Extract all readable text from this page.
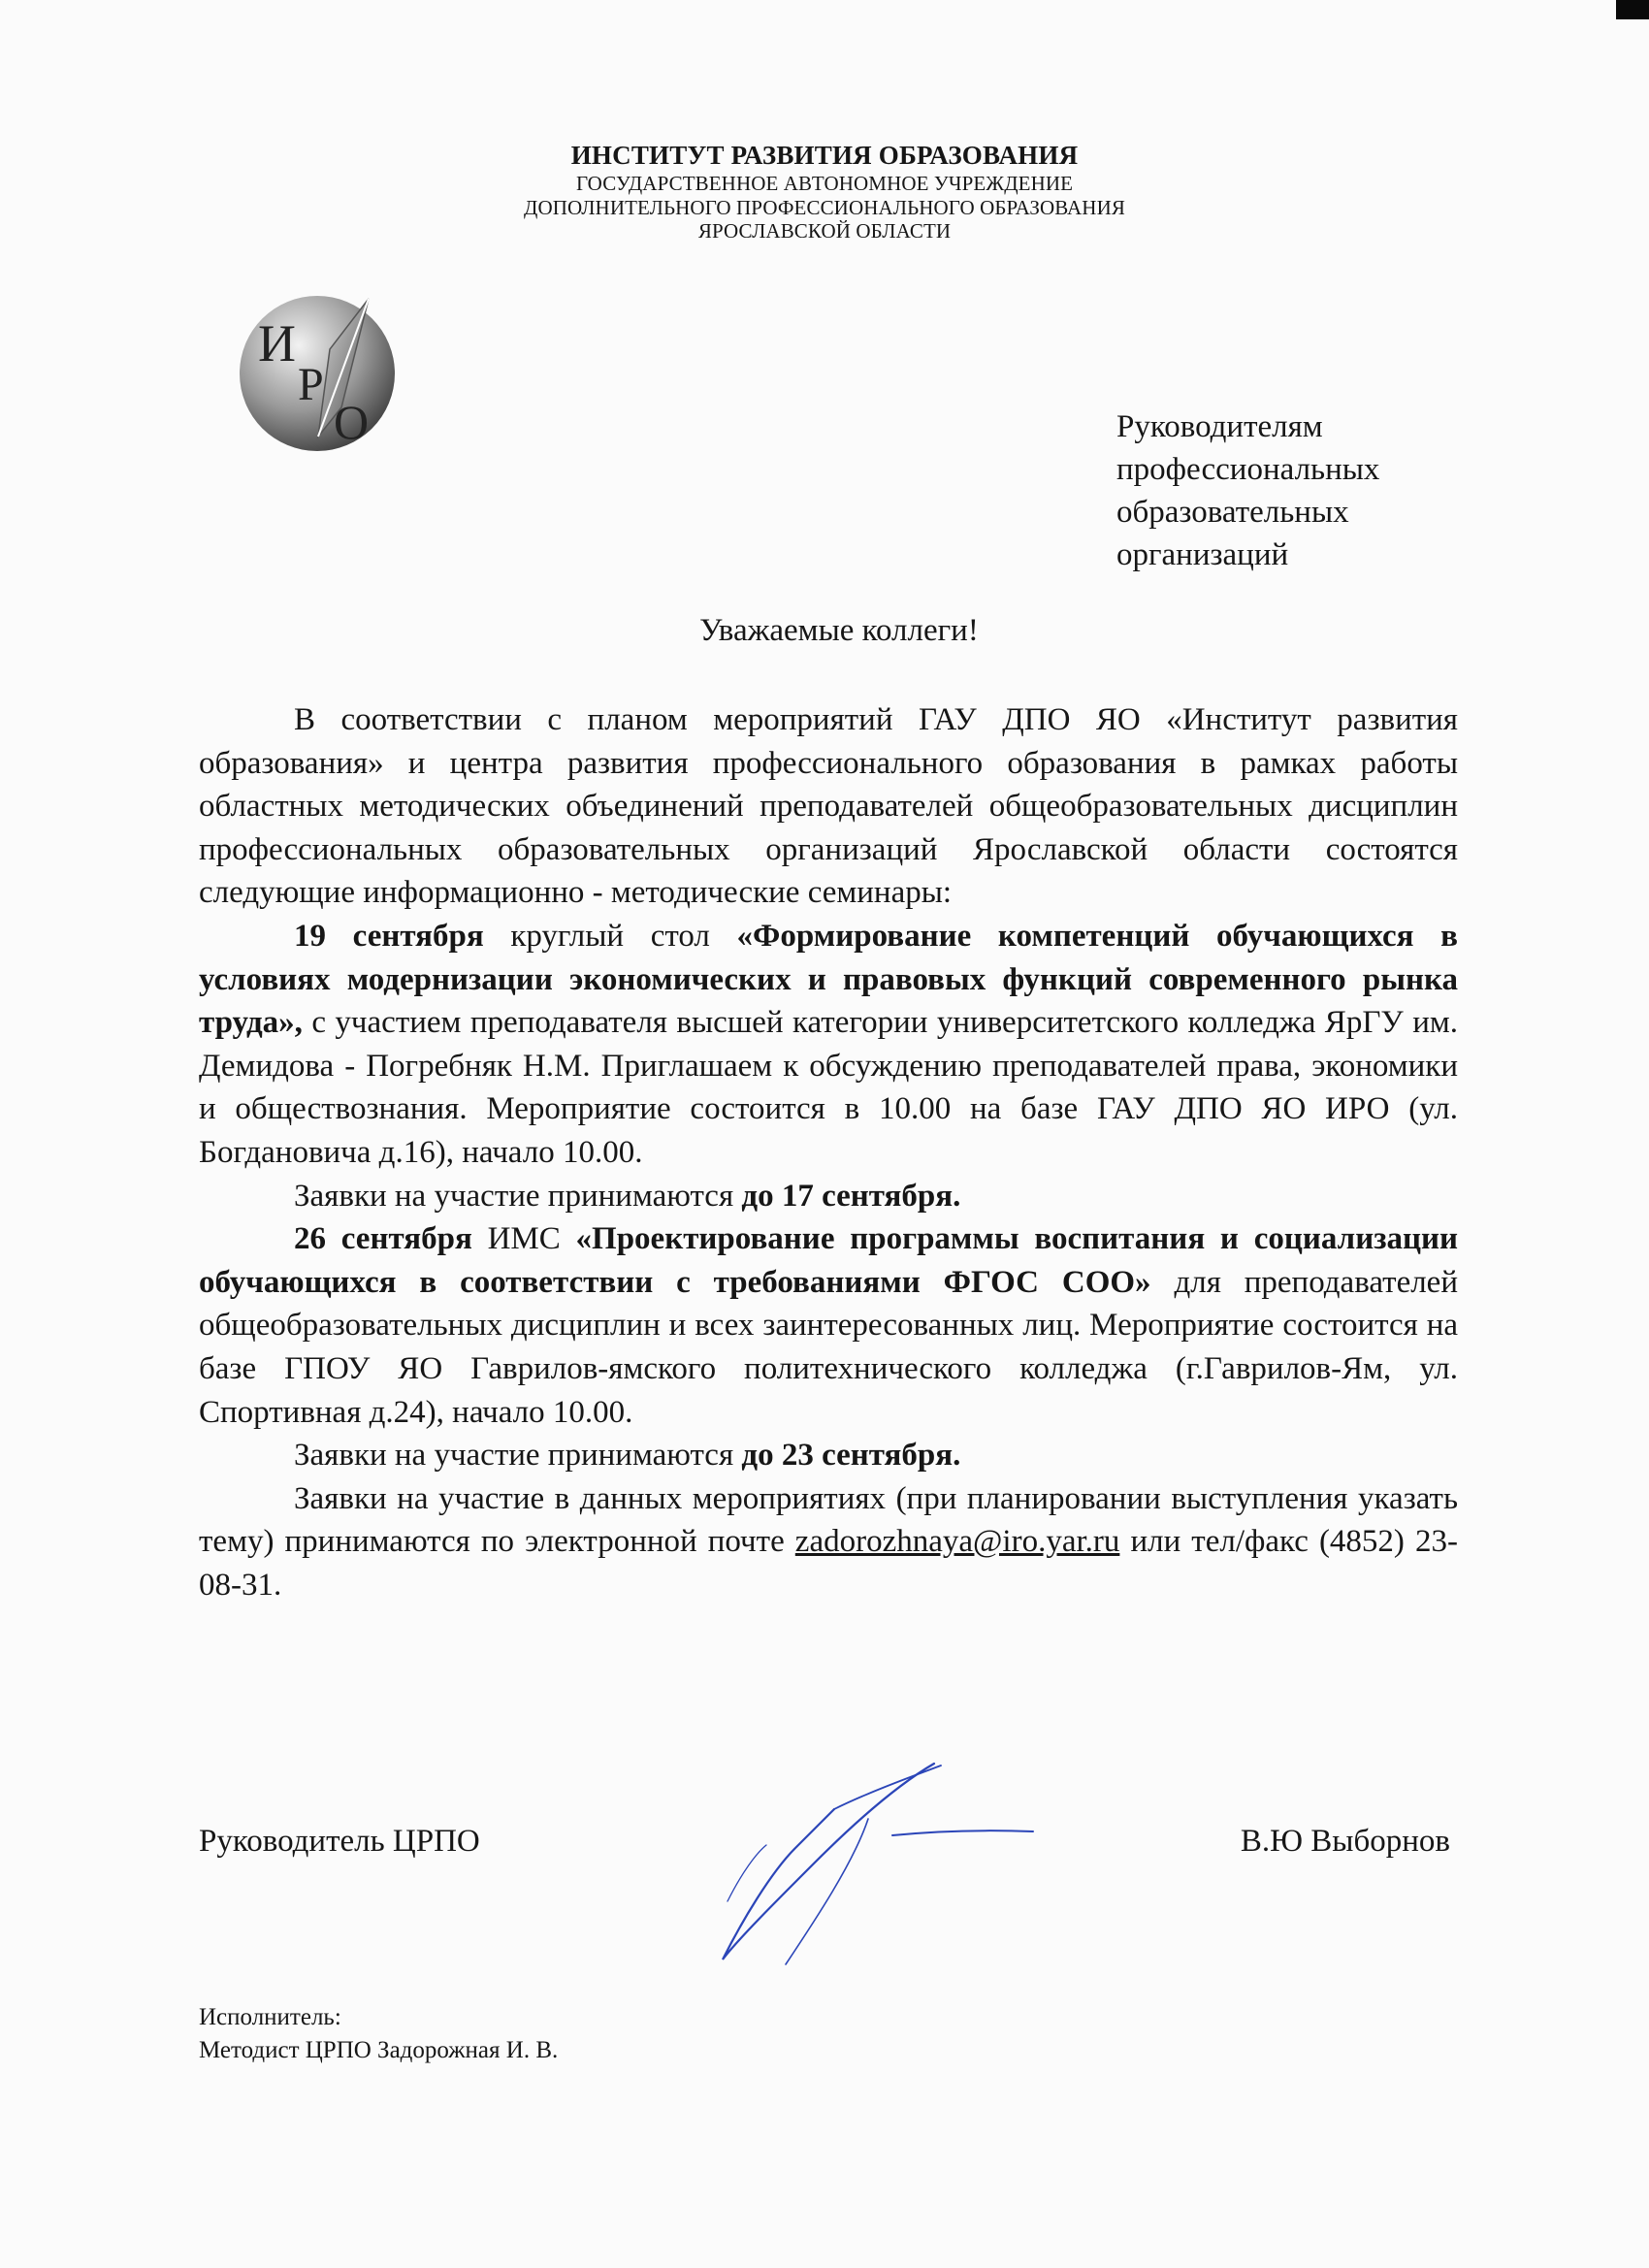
ИНСТИТУТ РАЗВИТИЯ ОБРАЗОВАНИЯ
ГОСУДАРСТВЕННОЕ АВТОНОМНОЕ УЧРЕЖДЕНИЕ
ДОПОЛНИТЕЛЬНОГО ПРОФЕССИОНАЛЬНОГО ОБРАЗОВАНИЯ
ЯРОСЛАВСКОЙ ОБЛАСТИ
И
Р
О	Руководителям
профессиональных
образовательных
организаций
Уважаемые коллеги!

В соответствии с планом мероприятий ГАУ ДПО ЯО «Институт развития образования» и центра развития профессионального образования в рамках работы областных методических объединений преподавателей общеобразовательных дисциплин профессиональных образовательных организаций Ярославской области состоятся следующие информационно - методические семинары:

19 сентября круглый стол «Формирование компетенций обучающихся в условиях модернизации экономических и правовых функций современного рынка труда», с участием преподавателя высшей категории университетского колледжа ЯрГУ им. Демидова - Погребняк Н.М. Приглашаем к обсуждению преподавателей права, экономики и обществознания. Мероприятие состоится в 10.00 на базе ГАУ ДПО ЯО ИРО (ул. Богдановича д.16), начало 10.00.

Заявки на участие принимаются до 17 сентября.

26 сентября ИМС «Проектирование программы воспитания и социализации обучающихся в соответствии с требованиями ФГОС СОО» для преподавателей общеобразовательных дисциплин и всех заинтересованных лиц. Мероприятие состоится на базе ГПОУ ЯО Гаврилов-ямского политехнического колледжа (г.Гаврилов-Ям, ул. Спортивная д.24), начало 10.00.

Заявки на участие принимаются до 23 сентября.

Заявки на участие в данных мероприятиях (при планировании выступления указать тему) принимаются по электронной почте zadorozhnaya@iro.yar.ru или тел/факс (4852) 23-08-31.

Руководитель ЦРПО	В.Ю Выборнов
Исполнитель:
Методист ЦРПО Задорожная И. В.
